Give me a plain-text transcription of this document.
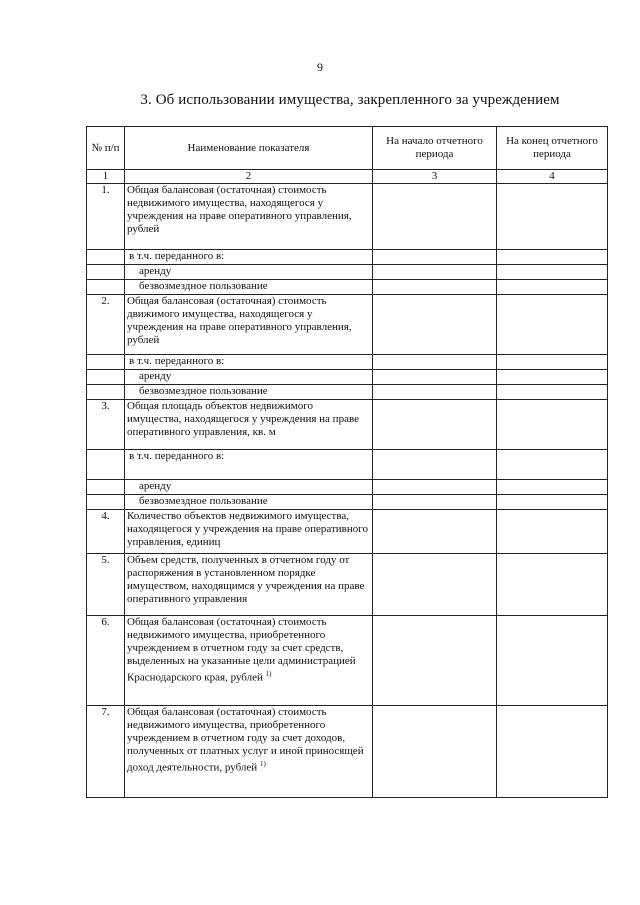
9
3. Об использовании имущества, закрепленного за учреждением
№ п/п	Наименование показателя	На начало отчетного периода	На конец отчетного периода
1	2	3	4
1.	Общая балансовая (остаточная) стоимость недвижимого имущества, находящегося у учреждения на праве оперативного управления, рублей		
	в т.ч. переданного в:		
	аренду		
	безвозмездное пользование		
2.	Общая балансовая (остаточная) стоимость движимого имущества, находящегося у учреждения на праве оперативного управления, рублей		
	в т.ч. переданного в:		
	аренду		
	безвозмездное пользование		
3.	Общая площадь объектов недвижимого имущества, находящегося у учреждения на праве оперативного управления, кв. м		
	в т.ч. переданного в:		
	аренду		
	безвозмездное пользование		
4.	Количество объектов недвижимого имущества, находящегося у учреждения на праве оперативного управления, единиц		
5.	Объем средств, полученных в отчетном году от распоряжения в установленном порядке имуществом, находящимся у учреждения на праве оперативного управления		
6.	Общая балансовая (остаточная) стоимость недвижимого имущества, приобретенного учреждением в отчетном году за счет средств, выделенных на указанные цели администрацией Краснодарского края, рублей $^{1)}$		
7.	Общая балансовая (остаточная) стоимость недвижимого имущества, приобретенного учреждением в отчетном году за счет доходов, полученных от платных услуг и иной приносящей доход деятельности, рублей $^{1)}$		
